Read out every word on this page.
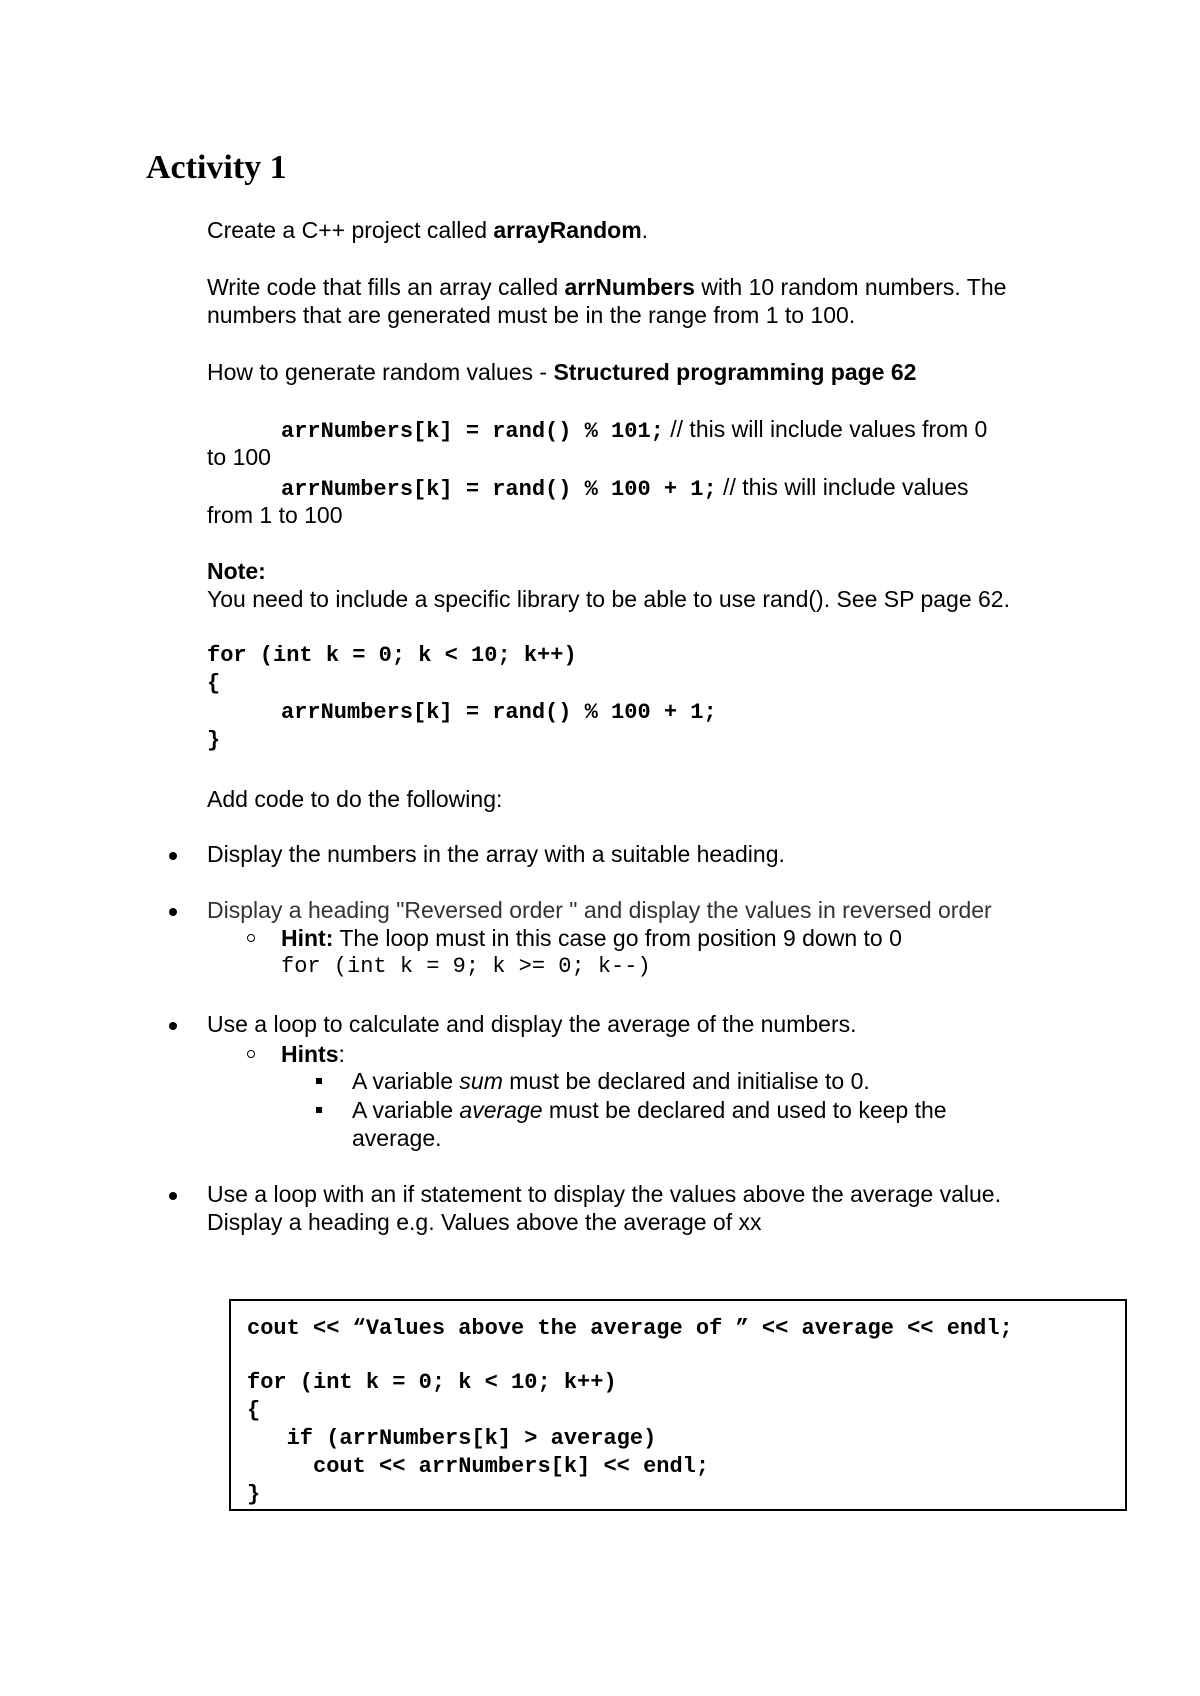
Activity 1

Create a C++ project called arrayRandom.

Write code that fills an array called arrNumbers with 10 random numbers. The

numbers that are generated must be in the range from 1 to 100.

How to generate random values - Structured programming page 62

arrNumbers[k] = rand() % 101; // this will include values from 0

to 100

arrNumbers[k] = rand() % 100 + 1; // this will include values

from 1 to 100

Note:

You need to include a specific library to be able to use rand(). See SP page 62.

for (int k = 0; k < 10; k++)

{

arrNumbers[k] = rand() % 100 + 1;

}

Add code to do the following:

Display the numbers in the array with a suitable heading.

Display a heading "Reversed order " and display the values in reversed order

Hint: The loop must in this case go from position 9 down to 0

for (int k = 9; k >= 0; k--)

Use a loop to calculate and display the average of the numbers.

Hints:

A variable sum must be declared and initialise to 0.

A variable average must be declared and used to keep the

average.

Use a loop with an if statement to display the values above the average value.

Display a heading e.g. Values above the average of xx

cout << “Values above the average of ” << average << endl;

for (int k = 0; k < 10; k++)

{

if (arrNumbers[k] > average)

cout << arrNumbers[k] << endl;

}
